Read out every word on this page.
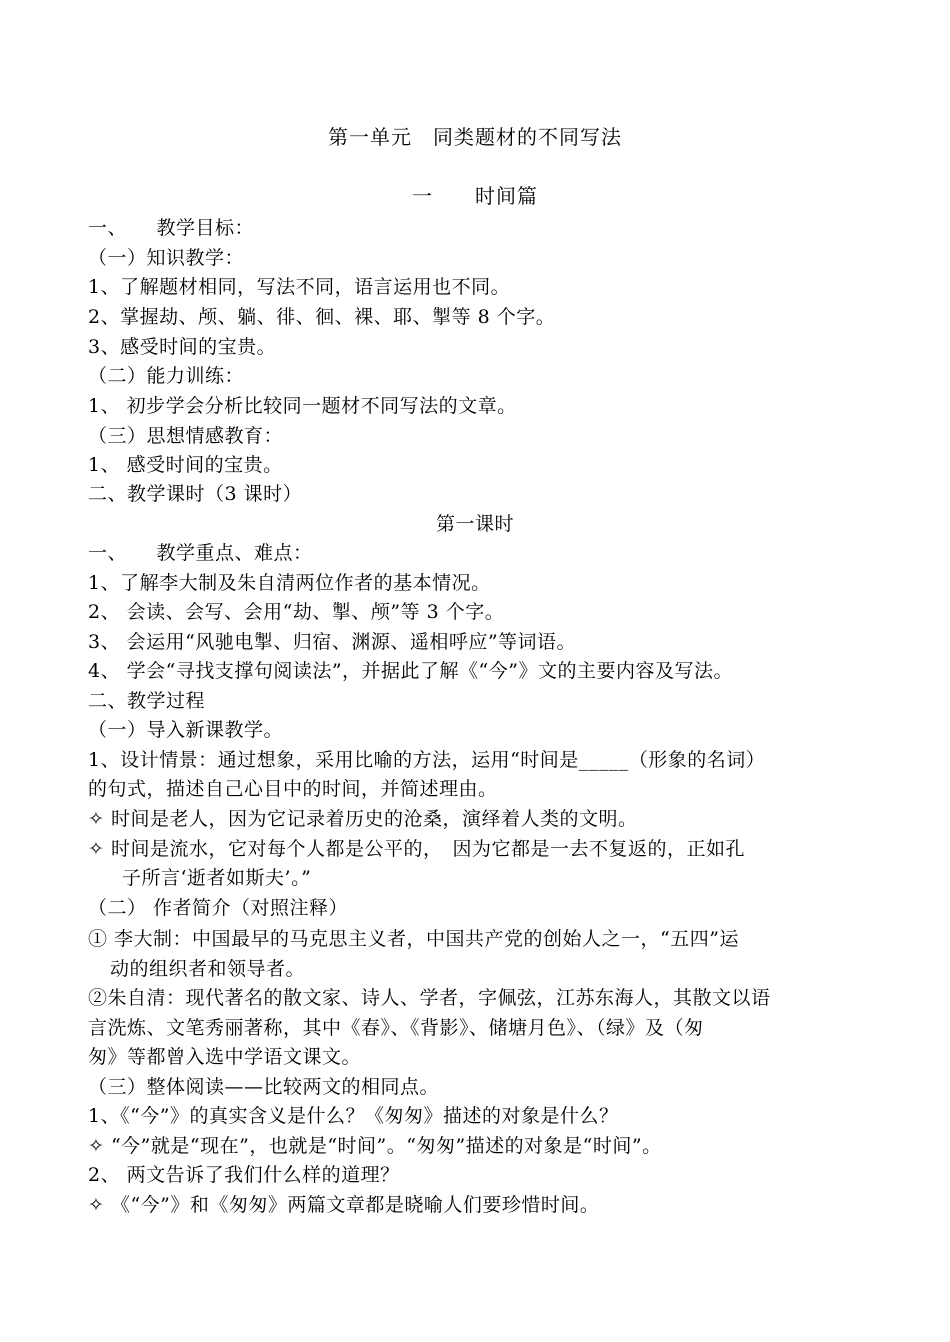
第一单元　同类题材的不同写法
一　　时间篇
一、　　教学目标：
（一）知识教学：
1、了解题材相同，写法不同，语言运用也不同。
2、掌握劫、颅、躺、徘、徊、裸、耶、掣等 8 个字。
3、感受时间的宝贵。
（二）能力训练：
1、 初步学会分析比较同一题材不同写法的文章。
（三）思想情感教育：
1、 感受时间的宝贵。
二、教学课时（3 课时）
第一课时
一、　　教学重点、难点：
1、了解李大制及朱自清两位作者的基本情况。
2、 会读、会写、会用“劫、掣、颅”等 3 个字。
3、 会运用“风驰电掣、归宿、渊源、遥相呼应”等词语。
4、 学会“寻找支撑句阅读法”，并据此了解《“今”》文的主要内容及写法。
二、教学过程
（一）导入新课教学。
1、设计情景：通过想象，采用比喻的方法，运用“时间是_____（形象的名词）
的句式，描述自己心目中的时间，并简述理由。
✧ 时间是老人，因为它记录着历史的沧桑，演绎着人类的文明。
✧ 时间是流水，它对每个人都是公平的，　因为它都是一去不复返的，正如孔
子所言‘逝者如斯夫’。”
（二） 作者简介（对照注释）
① 李大制：中国最早的马克思主义者，中国共产党的创始人之一，“五四”运
动的组织者和领导者。
②朱自清：现代著名的散文家、诗人、学者，字佩弦，江苏东海人，其散文以语
言洗炼、文笔秀丽著称，其中《春》、《背影》、储塘月色》、（绿》及（匆
匆》等都曾入选中学语文课文。
（三）整体阅读——比较两文的相同点。
1、《“今”》的真实含义是什么？《匆匆》描述的对象是什么？
✧ “今”就是“现在”，也就是“时间”。“匆匆”描述的对象是“时间”。
2、 两文告诉了我们什么样的道理？
✧ 《“今”》和《匆匆》两篇文章都是晓喻人们要珍惜时间。
